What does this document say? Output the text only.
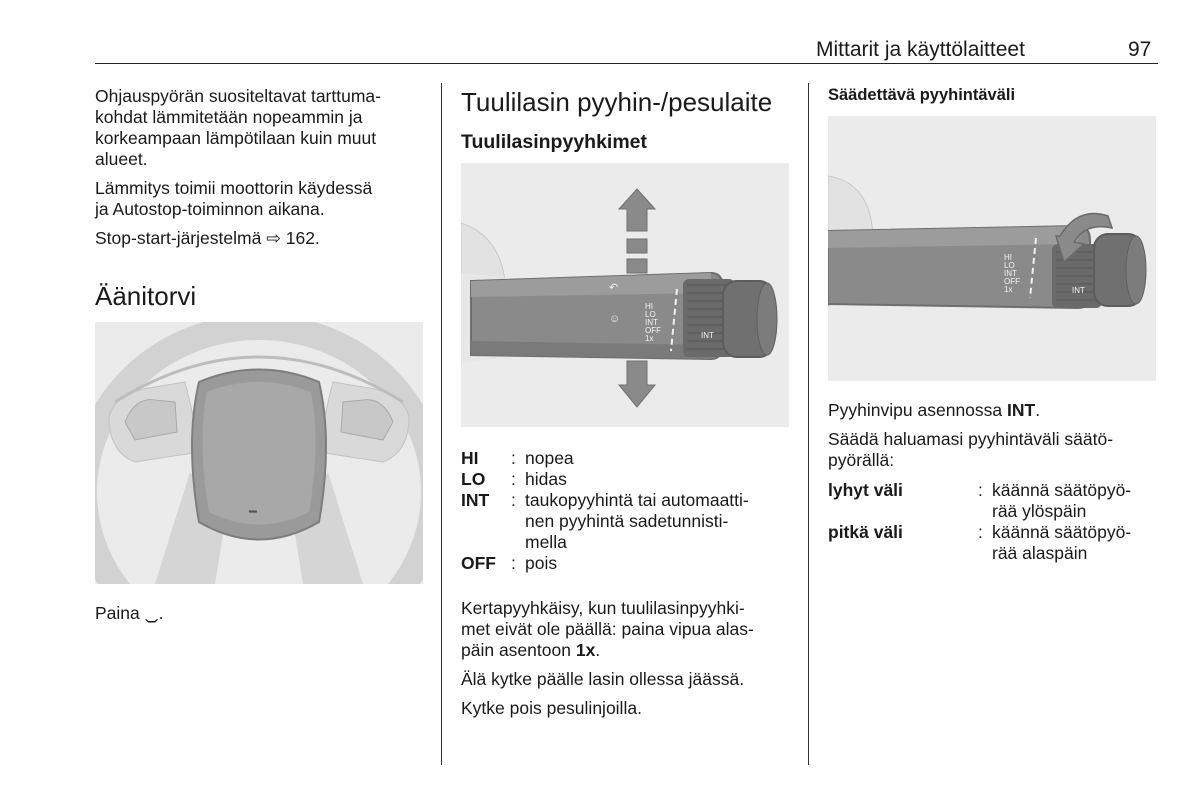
Mittarit ja käyttölaitteet	97

Ohjauspyörän suositeltavat tarttuma-
kohdat lämmitetään nopeammin ja
korkeampaan lämpötilaan kuin muut
alueet.

Lämmitys toimii moottorin käydessä
ja Autostop-toiminnon aikana.

Stop-start-järjestelmä ⇨ 162.

Äänitorvi
━
Paina ⏡.
Tuulilasin pyyhin-/pesulaite
Tuulilasinpyyhkimet
HI
LO
INT
OFF
1x	INT
↶
☺
HI	: nopea
LO	: hidas
INT	: taukopyyhintä tai automaatti-
nen pyyhintä sadetunnisti-
mella
OFF : pois

Kertapyyhkäisy, kun tuulilasinpyyhki-
met eivät ole päällä: paina vipua alas-
päin asentoon 1x.

Älä kytke päälle lasin ollessa jäässä.

Kytke pois pesulinjoilla.

Säädettävä pyyhintäväli
HI
LO
INT
OFF
1x	INT

Pyyhinvipu asennossa INT.

Säädä haluamasi pyyhintäväli säätö-
pyörällä:

lyhyt väli	: käännä säätöpyö-
rää ylöspäin
pitkä väli	: käännä säätöpyö-
rää alaspäin
